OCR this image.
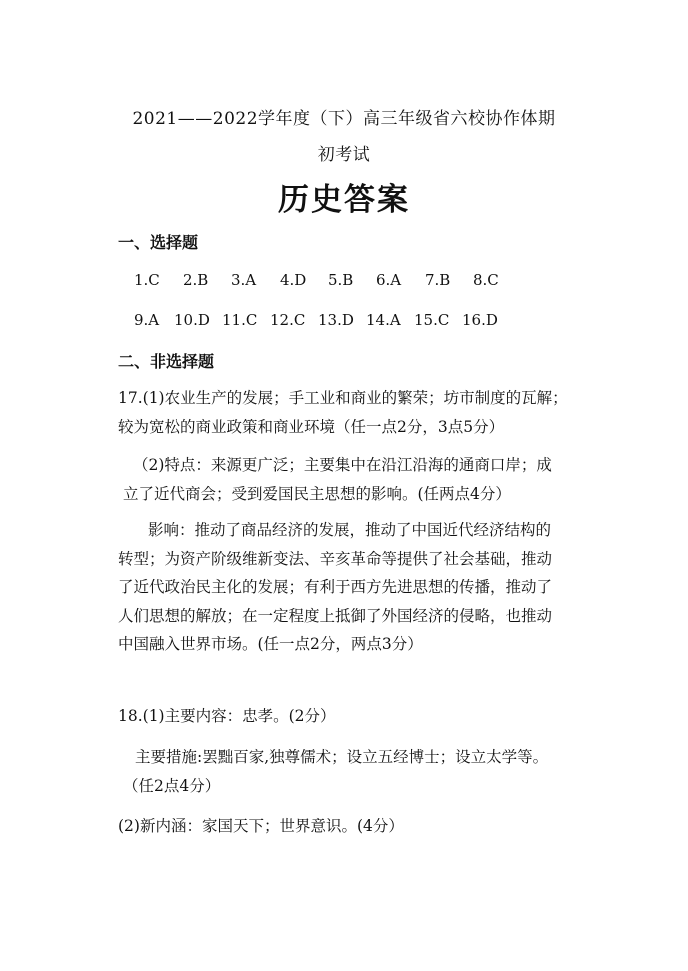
2021——2022学年度（下）高三年级省六校协作体期
初考试
历史答案
一、选择题
1.C 2.B 3.A 4.D 5.B 6.A 7.B 8.C
9.A 10.D 11.C 12.C 13.D 14.A 15.C 16.D
二、非选择题
17.(1)农业生产的发展；手工业和商业的繁荣；坊市制度的瓦解；
较为宽松的商业政策和商业环境（任一点2分，3点5分）
（2)特点：来源更广泛；主要集中在沿江沿海的通商口岸；成
立了近代商会；受到爱国民主思想的影响。(任两点4分）
影响：推动了商品经济的发展，推动了中国近代经济结构的
转型；为资产阶级维新变法、辛亥革命等提供了社会基础，推动
了近代政治民主化的发展；有利于西方先进思想的传播，推动了
人们思想的解放；在一定程度上抵御了外国经济的侵略，也推动
中国融入世界市场。(任一点2分，两点3分）
18.(1)主要内容：忠孝。(2分）
主要措施:罢黜百家,独尊儒术；设立五经博士；设立太学等。
（任2点4分）
(2)新内涵：家国天下；世界意识。(4分）
